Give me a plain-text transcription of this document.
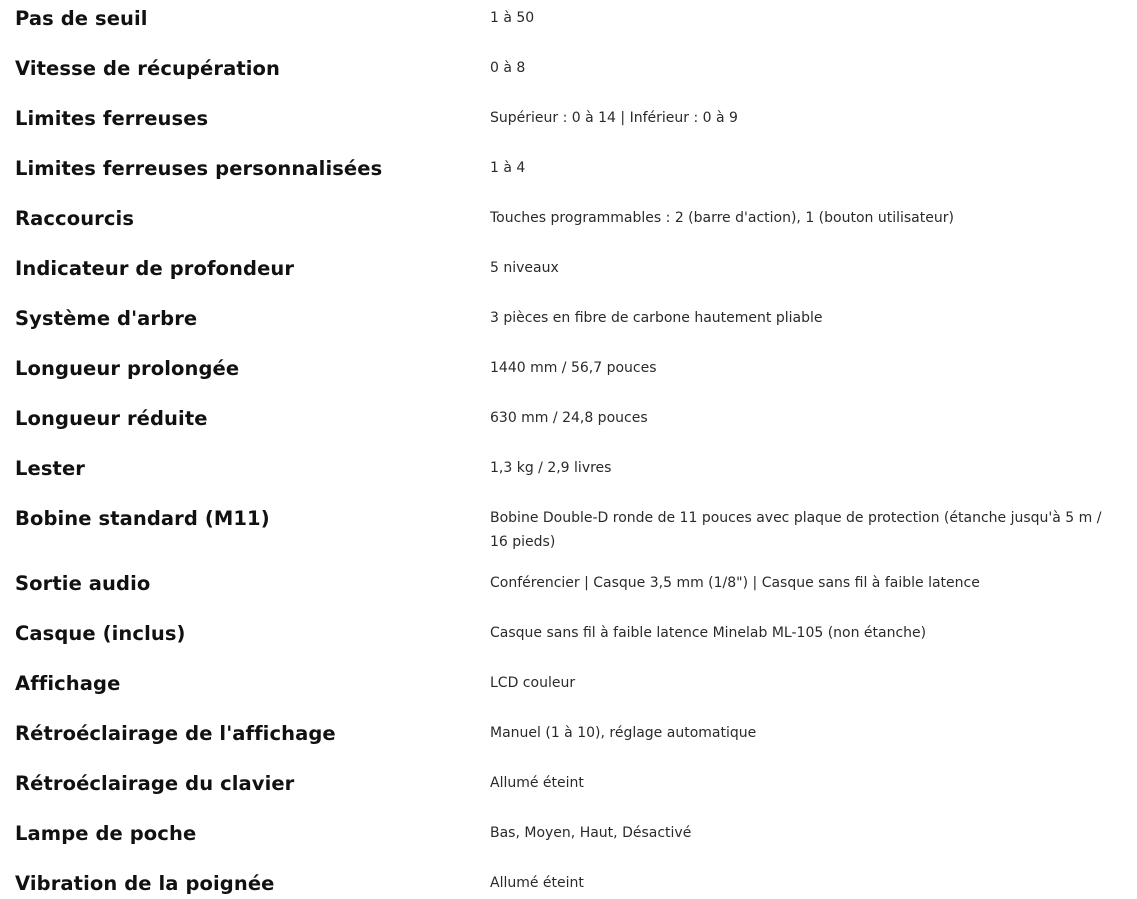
Pas de seuil	1 à 50
Vitesse de récupération	0 à 8
Limites ferreuses	Supérieur : 0 à 14 | Inférieur : 0 à 9
Limites ferreuses personnalisées	1 à 4
Raccourcis	Touches programmables : 2 (barre d'action), 1 (bouton utilisateur)
Indicateur de profondeur	5 niveaux
Système d'arbre	3 pièces en fibre de carbone hautement pliable
Longueur prolongée	1440 mm / 56,7 pouces
Longueur réduite	630 mm / 24,8 pouces
Lester	1,3 kg / 2,9 livres
Bobine standard (M11)	Bobine Double-D ronde de 11 pouces avec plaque de protection (étanche jusqu'à 5 m / 16 pieds)
Sortie audio	Conférencier | Casque 3,5 mm (1/8") | Casque sans fil à faible latence
Casque (inclus)	Casque sans fil à faible latence Minelab ML-105 (non étanche)
Affichage	LCD couleur
Rétroéclairage de l'affichage	Manuel (1 à 10), réglage automatique
Rétroéclairage du clavier	Allumé éteint
Lampe de poche	Bas, Moyen, Haut, Désactivé
Vibration de la poignée	Allumé éteint
